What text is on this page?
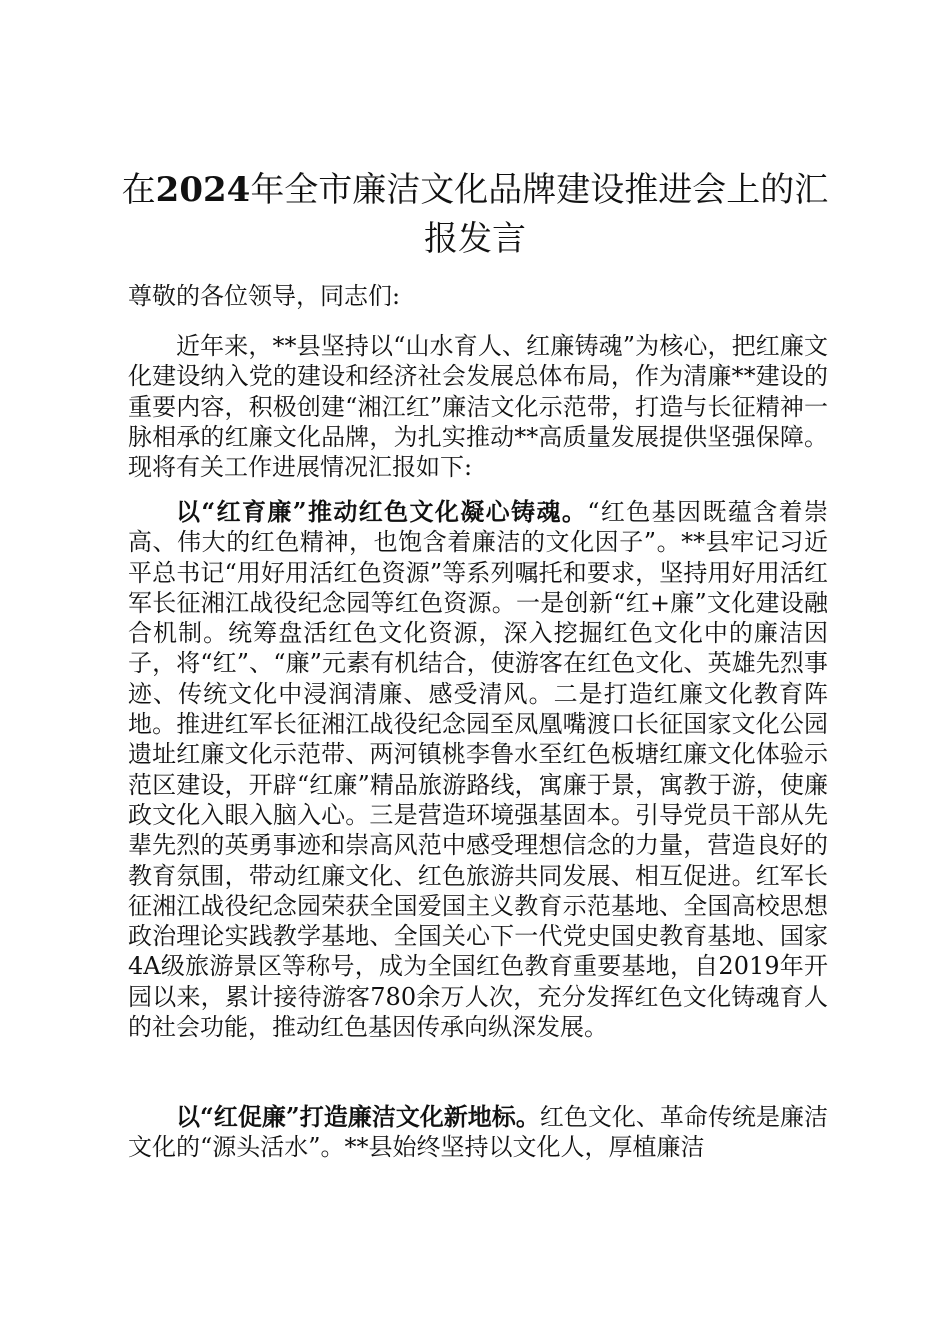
在2024年全市廉洁文化品牌建设推进会上的汇报发言
尊敬的各位领导，同志们:
近年来，**县坚持以“山水育人、红廉铸魂”为核心，把红廉文化建设纳入党的建设和经济社会发展总体布局，作为清廉**建设的重要内容，积极创建“湘江红”廉洁文化示范带，打造与长征精神一脉相承的红廉文化品牌，为扎实推动**高质量发展提供坚强保障。现将有关工作进展情况汇报如下:
以“红育廉”推动红色文化凝心铸魂。“红色基因既蕴含着崇高、伟大的红色精神，也饱含着廉洁的文化因子”。**县牢记习近平总书记“用好用活红色资源”等系列嘱托和要求，坚持用好用活红军长征湘江战役纪念园等红色资源。一是创新“红+廉”文化建设融合机制。统筹盘活红色文化资源，深入挖掘红色文化中的廉洁因子，将“红”、“廉”元素有机结合，使游客在红色文化、英雄先烈事迹、传统文化中浸润清廉、感受清风。二是打造红廉文化教育阵地。推进红军长征湘江战役纪念园至凤凰嘴渡口长征国家文化公园遗址红廉文化示范带、两河镇桃李鲁水至红色板塘红廉文化体验示范区建设，开辟“红廉”精品旅游路线，寓廉于景，寓教于游，使廉政文化入眼入脑入心。三是营造环境强基固本。引导党员干部从先辈先烈的英勇事迹和崇高风范中感受理想信念的力量，营造良好的教育氛围，带动红廉文化、红色旅游共同发展、相互促进。红军长征湘江战役纪念园荣获全国爱国主义教育示范基地、全国高校思想政治理论实践教学基地、全国关心下一代党史国史教育基地、国家4A级旅游景区等称号，成为全国红色教育重要基地，自2019年开园以来，累计接待游客780余万人次，充分发挥红色文化铸魂育人的社会功能，推动红色基因传承向纵深发展。
以“红促廉”打造廉洁文化新地标。红色文化、革命传统是廉洁文化的“源头活水”。**县始终坚持以文化人，厚植廉洁
